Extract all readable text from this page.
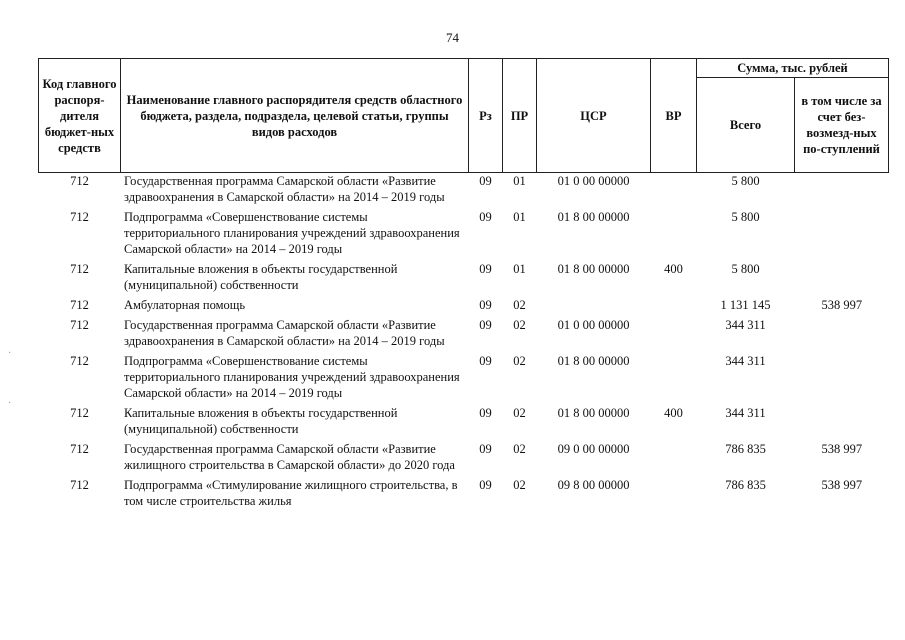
74
·
·
Код главного распоря-дителя бюджет-ных средств	Наименование главного распорядителя средств областного бюджета, раздела, подраздела, целевой статьи, группы видов расходов	Рз	ПР	ЦСР	ВР	Сумма, тыс. рублей	
						Всего	в том числе за счет без-возмезд-ных по-ступлений
712	Государственная программа Самарской области «Развитие здравоохранения в Самарской области» на 2014 – 2019 годы	09	01	01 0 00 00000		5 800	
712	Подпрограмма «Совершенствование системы территориального планирования учреждений здравоохранения Самарской области» на 2014 – 2019 годы	09	01	01 8 00 00000		5 800	
712	Капитальные вложения в объекты государственной (муниципальной) собственности	09	01	01 8 00 00000	400	5 800	
712	Амбулаторная помощь	09	02			1 131 145	538 997
712	Государственная программа Самарской области «Развитие здравоохранения в Самарской области» на 2014 – 2019 годы	09	02	01 0 00 00000		344 311	
712	Подпрограмма «Совершенствование системы территориального планирования учреждений здравоохранения Самарской области» на 2014 – 2019 годы	09	02	01 8 00 00000		344 311	
712	Капитальные вложения в объекты государственной (муниципальной) собственности	09	02	01 8 00 00000	400	344 311	
712	Государственная программа Самарской области «Развитие жилищного строительства в Самарской области» до 2020 года	09	02	09 0 00 00000		786 835	538 997
712	Подпрограмма «Стимулирование жилищного строительства, в том числе строительства жилья	09	02	09 8 00 00000		786 835	538 997
